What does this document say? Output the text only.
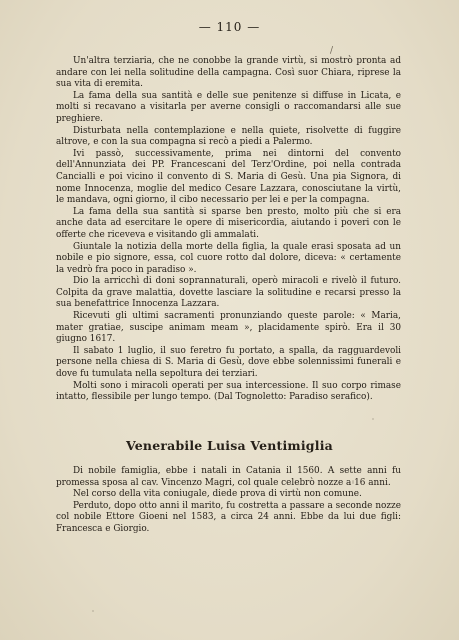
— 110 —
/

Un'altra terziaria, che ne conobbe la grande virtù, si mostrò pronta ad andare con lei nella solitudine della campagna. Così suor Chiara, riprese la sua vita di eremita.

La fama della sua santità e delle sue penitenze si diffuse in Licata, e molti si recavano a visitarla per averne consigli o raccomandarsi alle sue preghiere.

Disturbata nella contemplazione e nella quiete, risolvette di fuggire altrove, e con la sua compagna si recò a piedi a Palermo.

Ivi passò, successivamente, prima nei dintorni del convento dell'Annunziata dei PP. Francescani del Terz'Ordine, poi nella contrada Cancialli e poi vicino il convento di S. Maria di Gesù. Una pia Signora, di nome Innocenza, moglie del medico Cesare Lazzara, conosciutane la virtù, le mandava, ogni giorno, il cibo necessario per lei e per la compagna.

La fama della sua santità si sparse ben presto, molto più che si era anche data ad esercitare le opere di misericordia, aiutando i poveri con le offerte che riceveva e visitando gli ammalati.

Giuntale la notizia della morte della figlia, la quale erasi sposata ad un nobile e pio signore, essa, col cuore rotto dal dolore, diceva: « certamente la vedrò fra poco in paradiso ».

Dio la arricchì di doni soprannaturali, operò miracoli e rivelò il futuro. Colpita da grave malattia, dovette lasciare la solitudine e recarsi presso la sua benefattrice Innocenza Lazzara.

Ricevuti gli ultimi sacramenti pronunziando queste parole: « Maria, mater gratiae, suscipe animam meam », placidamente spirò. Era il 30 giugno 1617.

Il sabato 1 luglio, il suo feretro fu portato, a spalla, da ragguardevoli persone nella chiesa di S. Maria di Gesù, dove ebbe solennissimi funerali e dove fu tumulata nella sepoltura dei terziari.

Molti sono i miracoli operati per sua intercessione. Il suo corpo rimase intatto, flessibile per lungo tempo. (Dal Tognoletto: Paradiso serafico).

Venerabile Luisa Ventimiglia

Di nobile famiglia, ebbe i natali in Catania il 1560. A sette anni fu promessa sposa al cav. Vincenzo Magri, col quale celebrò nozze a 16 anni.

Nel corso della vita coniugale, diede prova di virtù non comune.

Perduto, dopo otto anni il marito, fu costretta a passare a seconde nozze col nobile Ettore Gioeni nel 1583, a circa 24 anni. Ebbe da lui due figli: Francesca e Giorgio.
